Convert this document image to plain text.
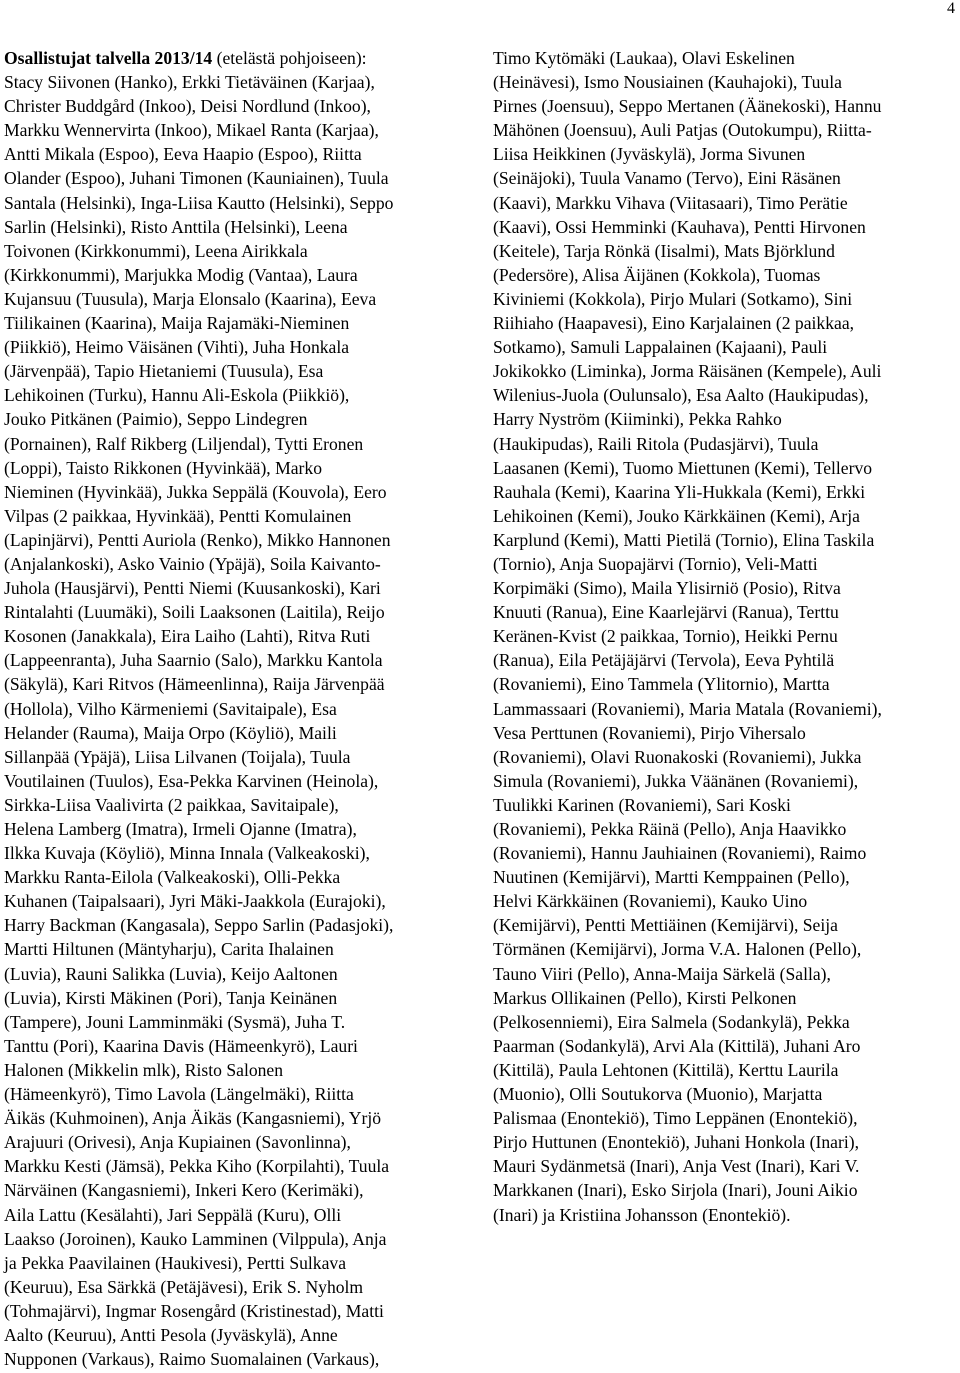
4
Osallistujat talvella 2013/14 (etelästä pohjoiseen):
Stacy Siivonen (Hanko), Erkki Tietäväinen (Karjaa),
Christer Buddgård (Inkoo), Deisi Nordlund (Inkoo),
Markku Wennervirta (Inkoo), Mikael Ranta (Karjaa),
Antti Mikala (Espoo), Eeva Haapio (Espoo), Riitta
Olander (Espoo), Juhani Timonen (Kauniainen), Tuula
Santala (Helsinki), Inga-Liisa Kautto (Helsinki), Seppo
Sarlin (Helsinki), Risto Anttila (Helsinki), Leena
Toivonen (Kirkkonummi), Leena Airikkala
(Kirkkonummi), Marjukka Modig (Vantaa), Laura
Kujansuu (Tuusula), Marja Elonsalo (Kaarina), Eeva
Tiilikainen (Kaarina), Maija Rajamäki-Nieminen
(Piikkiö), Heimo Väisänen (Vihti), Juha Honkala
(Järvenpää), Tapio Hietaniemi (Tuusula), Esa
Lehikoinen (Turku), Hannu Ali-Eskola (Piikkiö),
Jouko Pitkänen (Paimio), Seppo Lindegren
(Pornainen), Ralf Rikberg (Liljendal), Tytti Eronen
(Loppi), Taisto Rikkonen (Hyvinkää), Marko
Nieminen (Hyvinkää), Jukka Seppälä (Kouvola), Eero
Vilpas (2 paikkaa, Hyvinkää), Pentti Komulainen
(Lapinjärvi), Pentti Auriola (Renko), Mikko Hannonen
(Anjalankoski), Asko Vainio (Ypäjä), Soila Kaivanto-
Juhola (Hausjärvi), Pentti Niemi (Kuusankoski), Kari
Rintalahti (Luumäki), Soili Laaksonen (Laitila), Reijo
Kosonen (Janakkala), Eira Laiho (Lahti), Ritva Ruti
(Lappeenranta), Juha Saarnio (Salo), Markku Kantola
(Säkylä), Kari Ritvos (Hämeenlinna), Raija Järvenpää
(Hollola), Vilho Kärmeniemi (Savitaipale), Esa
Helander (Rauma), Maija Orpo (Köyliö), Maili
Sillanpää (Ypäjä), Liisa Lilvanen (Toijala), Tuula
Voutilainen (Tuulos), Esa-Pekka Karvinen (Heinola),
Sirkka-Liisa Vaalivirta (2 paikkaa, Savitaipale),
Helena Lamberg (Imatra), Irmeli Ojanne (Imatra),
Ilkka Kuvaja (Köyliö), Minna Innala (Valkeakoski),
Markku Ranta-Eilola (Valkeakoski), Olli-Pekka
Kuhanen (Taipalsaari), Jyri Mäki-Jaakkola (Eurajoki),
Harry Backman (Kangasala), Seppo Sarlin (Padasjoki),
Martti Hiltunen (Mäntyharju), Carita Ihalainen
(Luvia), Rauni Salikka (Luvia), Keijo Aaltonen
(Luvia), Kirsti Mäkinen (Pori), Tanja Keinänen
(Tampere), Jouni Lamminmäki (Sysmä), Juha T.
Tanttu (Pori), Kaarina Davis (Hämeenkyrö), Lauri
Halonen (Mikkelin mlk), Risto Salonen
(Hämeenkyrö), Timo Lavola (Längelmäki), Riitta
Äikäs (Kuhmoinen), Anja Äikäs (Kangasniemi), Yrjö
Arajuuri (Orivesi), Anja Kupiainen (Savonlinna),
Markku Kesti (Jämsä), Pekka Kiho (Korpilahti), Tuula
Närväinen (Kangasniemi), Inkeri Kero (Kerimäki),
Aila Lattu (Kesälahti), Jari Seppälä (Kuru), Olli
Laakso (Joroinen), Kauko Lamminen (Vilppula), Anja
ja Pekka Paavilainen (Haukivesi), Pertti Sulkava
(Keuruu), Esa Särkkä (Petäjävesi), Erik S. Nyholm
(Tohmajärvi), Ingmar Rosengård (Kristinestad), Matti
Aalto (Keuruu), Antti Pesola (Jyväskylä), Anne
Nupponen (Varkaus), Raimo Suomalainen (Varkaus),
Timo Kytömäki (Laukaa), Olavi Eskelinen
(Heinävesi), Ismo Nousiainen (Kauhajoki), Tuula
Pirnes (Joensuu), Seppo Mertanen (Äänekoski), Hannu
Mähönen (Joensuu), Auli Patjas (Outokumpu), Riitta-
Liisa Heikkinen (Jyväskylä), Jorma Sivunen
(Seinäjoki), Tuula Vanamo (Tervo), Eini Räsänen
(Kaavi), Markku Vihava (Viitasaari), Timo Perätie
(Kaavi), Ossi Hemminki (Kauhava), Pentti Hirvonen
(Keitele), Tarja Rönkä (Iisalmi), Mats Björklund
(Pedersöre), Alisa Äijänen (Kokkola), Tuomas
Kiviniemi (Kokkola), Pirjo Mulari (Sotkamo), Sini
Riihiaho (Haapavesi), Eino Karjalainen (2 paikkaa,
Sotkamo), Samuli Lappalainen (Kajaani), Pauli
Jokikokko (Liminka), Jorma Räisänen (Kempele), Auli
Wilenius-Juola (Oulunsalo), Esa Aalto (Haukipudas),
Harry Nyström (Kiiminki), Pekka Rahko
(Haukipudas), Raili Ritola (Pudasjärvi), Tuula
Laasanen (Kemi), Tuomo Miettunen (Kemi), Tellervo
Rauhala (Kemi), Kaarina Yli-Hukkala (Kemi), Erkki
Lehikoinen (Kemi), Jouko Kärkkäinen (Kemi), Arja
Karplund (Kemi), Matti Pietilä (Tornio), Elina Taskila
(Tornio), Anja Suopajärvi (Tornio), Veli-Matti
Korpimäki (Simo), Maila Ylisirniö (Posio), Ritva
Knuuti (Ranua), Eine Kaarlejärvi (Ranua), Terttu
Keränen-Kvist (2 paikkaa, Tornio), Heikki Pernu
(Ranua), Eila Petäjäjärvi (Tervola), Eeva Pyhtilä
(Rovaniemi), Eino Tammela (Ylitornio), Martta
Lammassaari (Rovaniemi), Maria Matala (Rovaniemi),
Vesa Perttunen (Rovaniemi), Pirjo Vihersalo
(Rovaniemi), Olavi Ruonakoski (Rovaniemi), Jukka
Simula (Rovaniemi), Jukka Väänänen (Rovaniemi),
Tuulikki Karinen (Rovaniemi), Sari Koski
(Rovaniemi), Pekka Räinä (Pello), Anja Haavikko
(Rovaniemi), Hannu Jauhiainen (Rovaniemi), Raimo
Nuutinen (Kemijärvi), Martti Kemppainen (Pello),
Helvi Kärkkäinen (Rovaniemi), Kauko Uino
(Kemijärvi), Pentti Mettiäinen (Kemijärvi), Seija
Törmänen (Kemijärvi), Jorma V.A. Halonen (Pello),
Tauno Viiri (Pello), Anna-Maija Särkelä (Salla),
Markus Ollikainen (Pello), Kirsti Pelkonen
(Pelkosenniemi), Eira Salmela (Sodankylä), Pekka
Paarman (Sodankylä), Arvi Ala (Kittilä), Juhani Aro
(Kittilä), Paula Lehtonen (Kittilä), Kerttu Laurila
(Muonio), Olli Soutukorva (Muonio), Marjatta
Palismaa (Enontekiö), Timo Leppänen (Enontekiö),
Pirjo Huttunen (Enontekiö), Juhani Honkola (Inari),
Mauri Sydänmetsä (Inari), Anja Vest (Inari), Kari V.
Markkanen (Inari), Esko Sirjola (Inari), Jouni Aikio
(Inari) ja Kristiina Johansson (Enontekiö).
